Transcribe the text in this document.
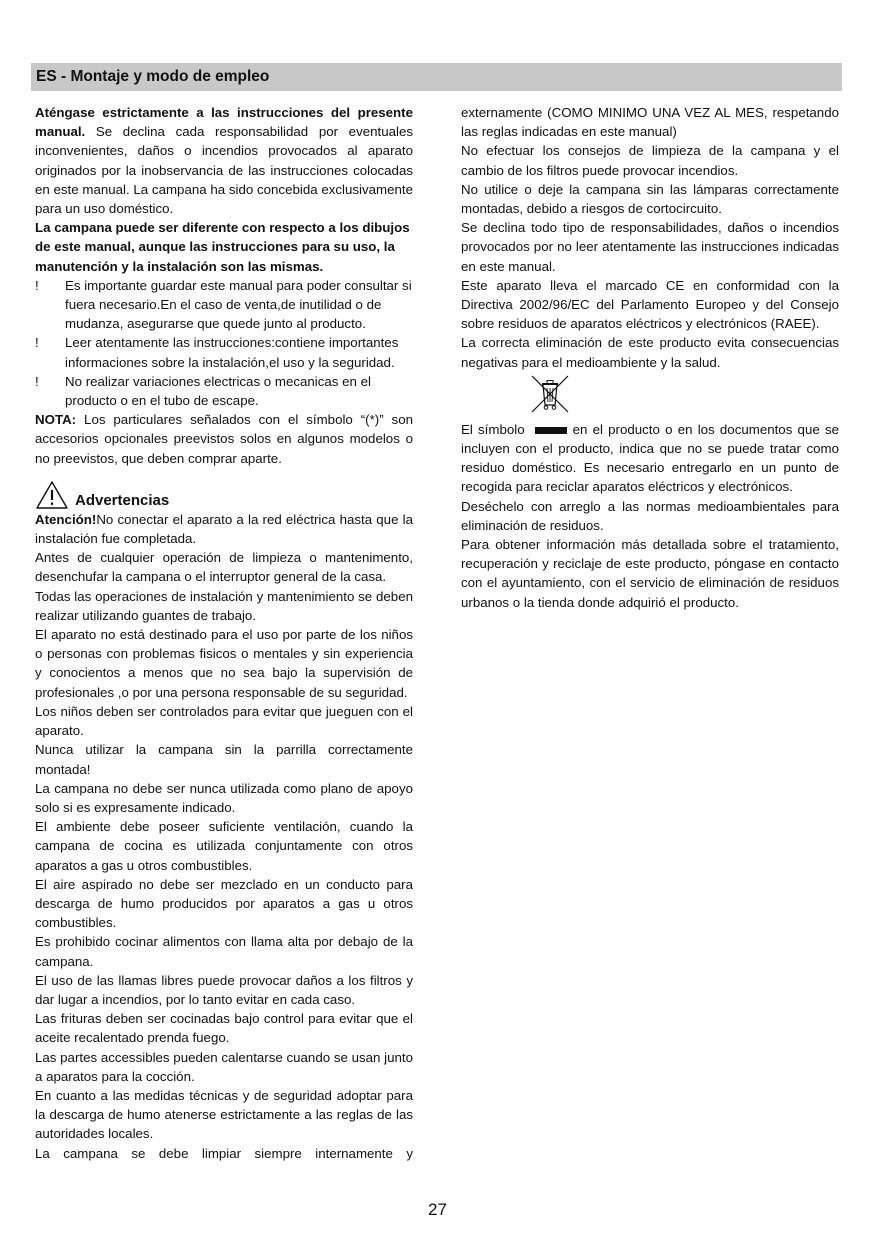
ES - Montaje y modo de empleo

Aténgase estrictamente a las instrucciones del presente manual. Se declina cada responsabilidad por eventuales inconvenientes, daños o incendios provocados al aparato originados por la inobservancia de las instrucciones colocadas en este manual. La campana ha sido concebida exclusivamente para un uso doméstico.

La campana puede ser diferente con respecto a los dibujos de este manual, aunque las instrucciones para su uso, la manutención y la instalación son las mismas.

!	Es importante guardar este manual para poder consultar si fuera necesario.En el caso de venta,de inutilidad o de mudanza, asegurarse que quede junto al producto.
!	Leer atentamente las instrucciones:contiene importantes informaciones sobre la instalación,el uso y la seguridad.
!	No realizar variaciones electricas o mecanicas en el producto o en el tubo de escape.

NOTA: Los particulares señalados con el símbolo “(*)” son accesorios opcionales preevistos solos en algunos modelos o no preevistos, que deben comprar aparte.

Advertencias

Atención!No conectar el aparato a la red eléctrica hasta que la instalación fue completada.

Antes de cualquier operación de limpieza o mantenimento, desenchufar la campana o el interruptor general de la casa.

Todas las operaciones de instalación y mantenimiento se deben realizar utilizando guantes de trabajo.

El aparato no está destinado para el uso por parte de los niños o personas con problemas fisicos o mentales y sin experiencia y conocientos a menos que no sea bajo la supervisión de profesionales ,o por una persona responsable de su seguridad.

Los niños deben ser controlados para evitar que jueguen con el aparato.

Nunca utilizar la campana sin la parrilla correctamente montada!

La campana no debe ser nunca utilizada como plano de apoyo solo si es expresamente indicado.

El ambiente debe poseer suficiente ventilación, cuando la campana de cocina es utilizada conjuntamente con otros aparatos a gas u otros combustibles.

El aire aspirado no debe ser mezclado en un conducto para descarga de humo producidos por aparatos a gas u otros combustibles.

Es prohibido cocinar alimentos con llama alta por debajo de la campana.

El uso de las llamas libres puede provocar daños a los filtros y dar lugar a incendios, por lo tanto evitar en cada caso.

Las frituras deben ser cocinadas bajo control para evitar que el aceite recalentado prenda fuego.

Las partes accessibles pueden calentarse cuando se usan junto a aparatos para la cocción.

En cuanto a las medidas técnicas y de seguridad adoptar para la descarga de humo atenerse estrictamente a las reglas de las autoridades locales.

La campana se debe limpiar siempre internamente y

externamente (COMO MINIMO UNA VEZ AL MES, respetando las reglas indicadas en este manual)

No efectuar los consejos de limpieza de la campana y el cambio de los filtros puede provocar incendios.

No utilice o deje la campana sin las lámparas correctamente montadas, debido a riesgos de cortocircuito.

Se declina todo tipo de responsabilidades, daños o incendios provocados por no leer atentamente las instrucciones indicadas en este manual.

Este aparato lleva el marcado CE en conformidad con la Directiva 2002/96/EC del Parlamento Europeo y del Consejo sobre residuos de aparatos eléctricos y electrónicos (RAEE).

La correcta eliminación de este producto evita consecuencias negativas para el medioambiente y la salud.

El símbolo	en el producto o en los documentos que se incluyen con el producto, indica que no se puede tratar como residuo doméstico. Es necesario entregarlo en un punto de recogida para reciclar aparatos eléctricos y electrónicos.

Deséchelo con arreglo a las normas medioambientales para eliminación de residuos.

Para obtener información más detallada sobre el tratamiento, recuperación y reciclaje de este producto, póngase en contacto con el ayuntamiento, con el servicio de eliminación de residuos urbanos o la tienda donde adquirió el producto.

27
